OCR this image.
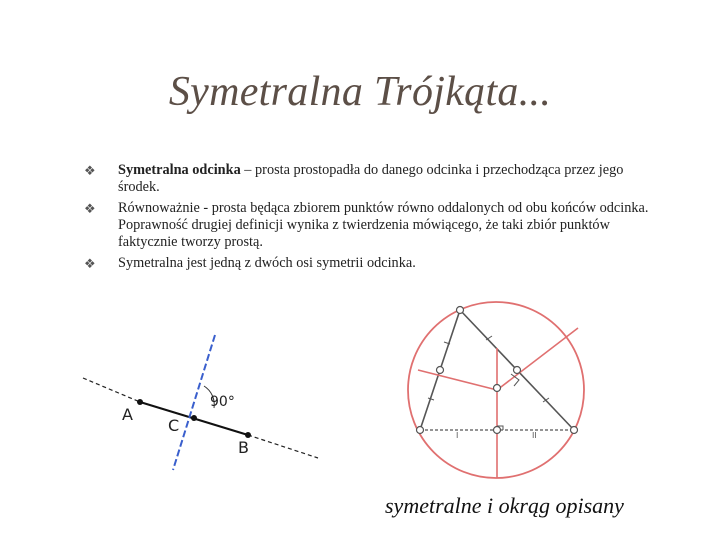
Symetralna Trójkąta...
❖ Symetralna odcinka – prosta prostopadła do danego odcinka i przechodząca przez jego środek.
❖ Równoważnie - prosta będąca zbiorem punktów równo oddalonych od obu końców odcinka. Poprawność drugiej definicji wynika z twierdzenia mówiącego, że taki zbiór punktów faktycznie tworzy prostą.
❖ Symetralna jest jedną z dwóch osi symetrii odcinka.
A
C
B
90°
I	II
symetralne i okrąg opisany
